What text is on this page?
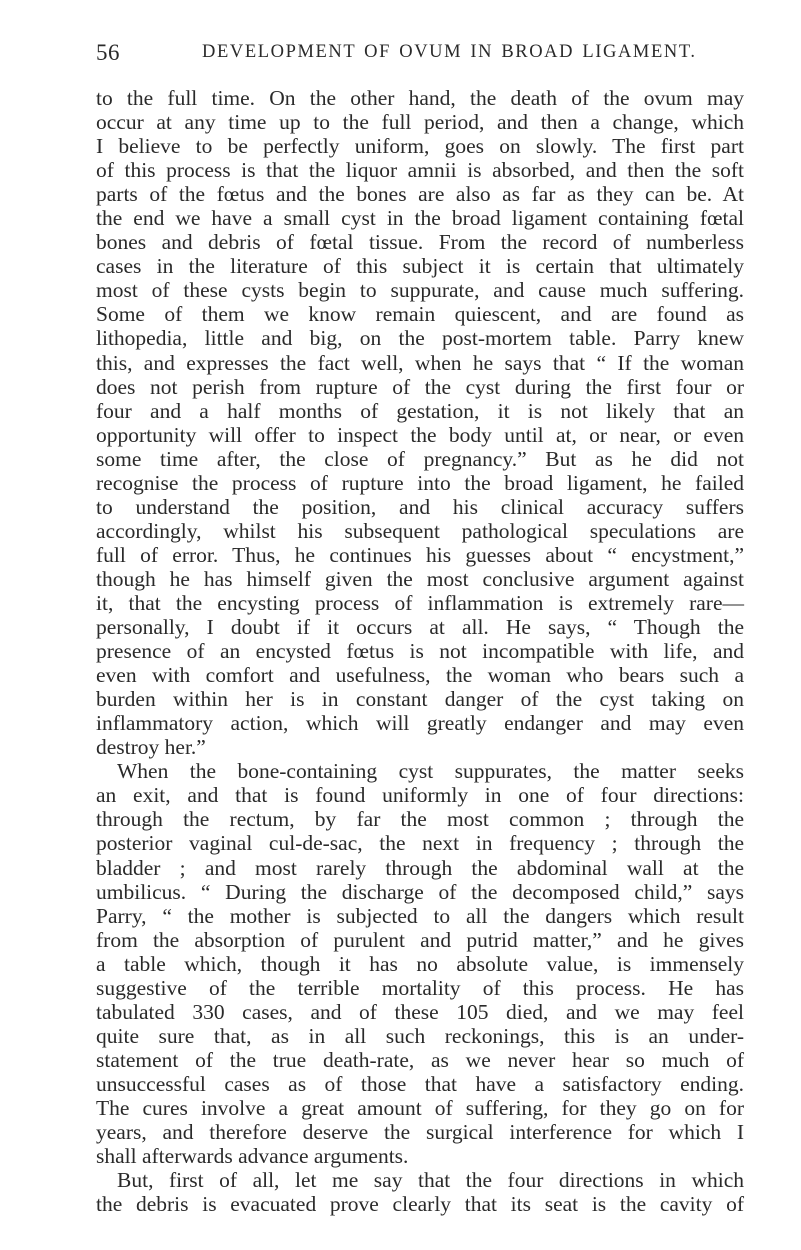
56	DEVELOPMENT OF OVUM IN BROAD LIGAMENT.
to the full time. On the other hand, the death of the ovum may
occur at any time up to the full period, and then a change, which
I believe to be perfectly uniform, goes on slowly. The first part
of this process is that the liquor amnii is absorbed, and then the soft
parts of the fœtus and the bones are also as far as they can be. At
the end we have a small cyst in the broad ligament containing fœtal
bones and debris of fœtal tissue. From the record of numberless
cases in the literature of this subject it is certain that ultimately
most of these cysts begin to suppurate, and cause much suffering.
Some of them we know remain quiescent, and are found as
lithopedia, little and big, on the post-mortem table. Parry knew
this, and expresses the fact well, when he says that “ If the woman
does not perish from rupture of the cyst during the first four or
four and a half months of gestation, it is not likely that an
opportunity will offer to inspect the body until at, or near, or even
some time after, the close of pregnancy.” But as he did not
recognise the process of rupture into the broad ligament, he failed
to understand the position, and his clinical accuracy suffers
accordingly, whilst his subsequent pathological speculations are
full of error. Thus, he continues his guesses about “ encystment,”
though he has himself given the most conclusive argument against
it, that the encysting process of inflammation is extremely rare—
personally, I doubt if it occurs at all. He says, “ Though the
presence of an encysted fœtus is not incompatible with life, and
even with comfort and usefulness, the woman who bears such a
burden within her is in constant danger of the cyst taking on
inflammatory action, which will greatly endanger and may even
destroy her.”
When the bone-containing cyst suppurates, the matter seeks
an exit, and that is found uniformly in one of four directions:
through the rectum, by far the most common ; through the
posterior vaginal cul-de-sac, the next in frequency ; through the
bladder ; and most rarely through the abdominal wall at the
umbilicus. “ During the discharge of the decomposed child,” says
Parry, “ the mother is subjected to all the dangers which result
from the absorption of purulent and putrid matter,” and he gives
a table which, though it has no absolute value, is immensely
suggestive of the terrible mortality of this process. He has
tabulated 330 cases, and of these 105 died, and we may feel
quite sure that, as in all such reckonings, this is an under-
statement of the true death-rate, as we never hear so much of
unsuccessful cases as of those that have a satisfactory ending.
The cures involve a great amount of suffering, for they go on for
years, and therefore deserve the surgical interference for which I
shall afterwards advance arguments.
But, first of all, let me say that the four directions in which
the debris is evacuated prove clearly that its seat is the cavity of
